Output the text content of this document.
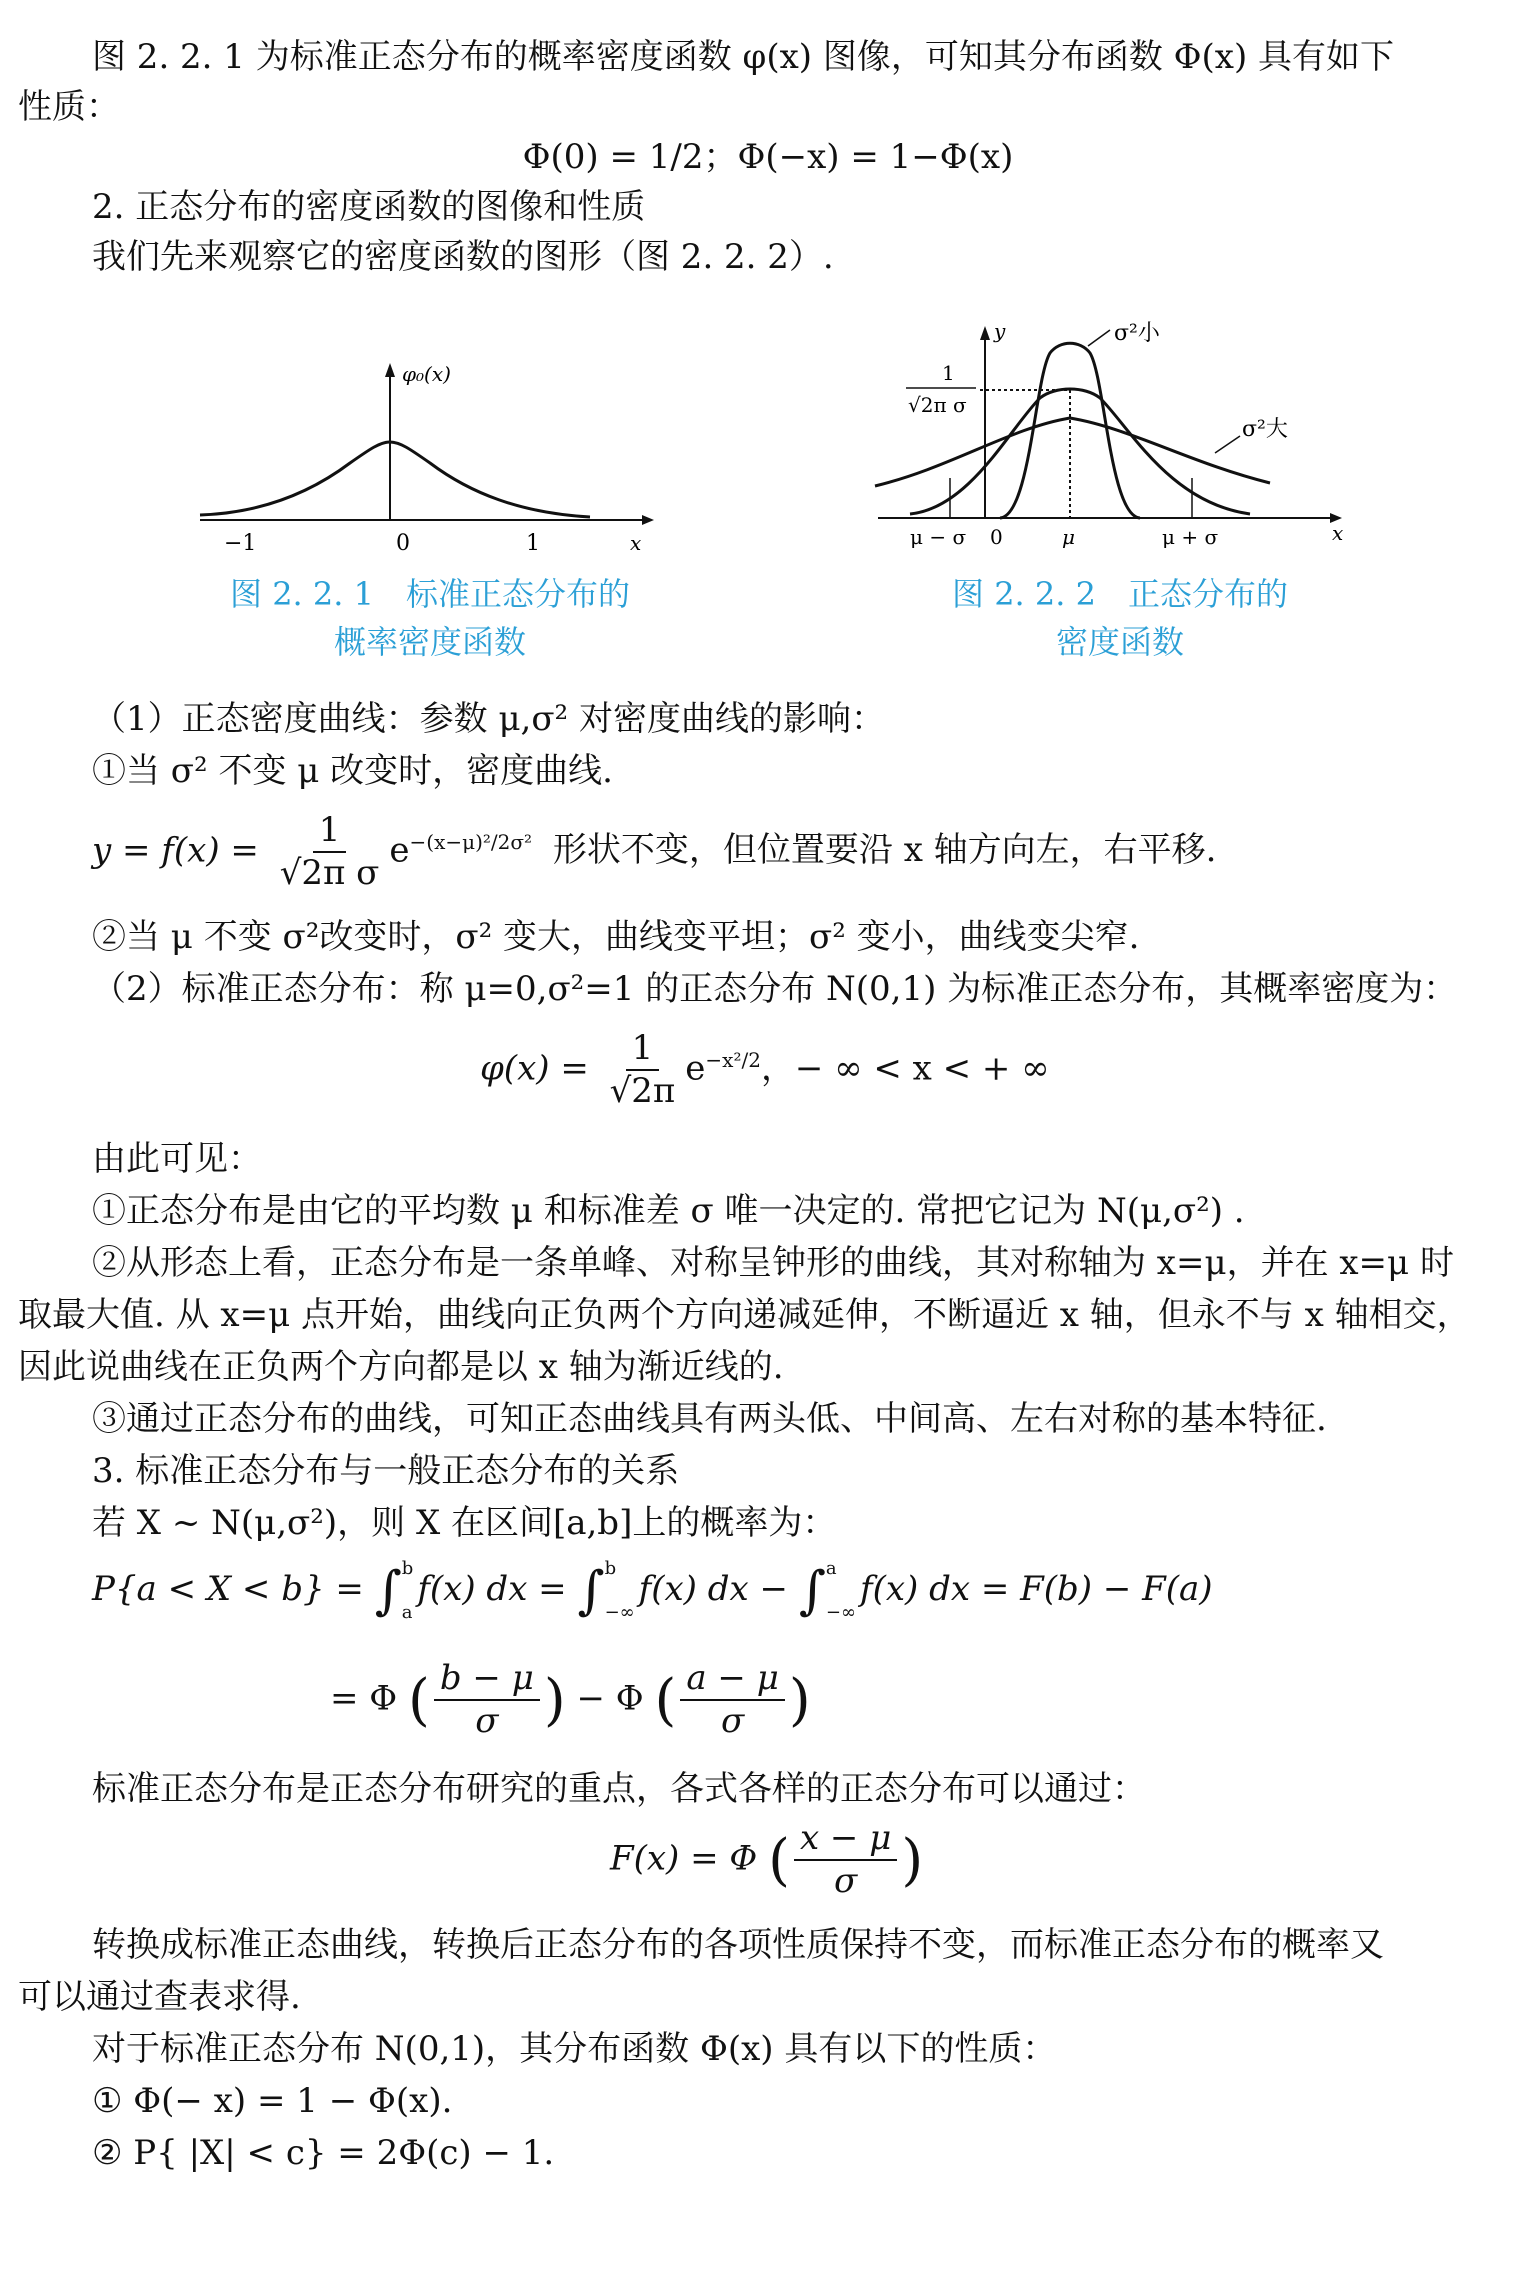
图 2. 2. 1 为标准正态分布的概率密度函数 φ(x) 图像，可知其分布函数 Φ(x) 具有如下
性质：
Φ(0) = 1/2；Φ(−x) = 1−Φ(x)
2. 正态分布的密度函数的图像和性质
我们先来观察它的密度函数的图形（图 2. 2. 2）.
φ₀(x)
x
−1	0	1
图 2. 2. 1　标准正态分布的
概率密度函数
y
x
σ²小
σ²大
1
√2π σ
μ − σ 0	μ	μ + σ
图 2. 2. 2　正态分布的
密度函数
（1）正态密度曲线：参数 μ,σ² 对密度曲线的影响：
①当 σ² 不变 μ 改变时，密度曲线.
$y = f(x) = \frac{1}{\text{√2π σ}} e^{-(x-\mu)^2/2\sigma^2}$ 形状不变，但位置要沿 x 轴方向左，右平移.
②当 μ 不变 σ²改变时，σ² 变大，曲线变平坦；σ² 变小，曲线变尖窄.
（2）标准正态分布：称 μ=0,σ²=1 的正态分布 N(0,1) 为标准正态分布，其概率密度为：
$\varphi(x) = \frac{1}{√2\pi} e^{-x^2/2}$，− ∞ < x < + ∞
由此可见：
①正态分布是由它的平均数 μ 和标准差 σ 唯一决定的. 常把它记为 N(μ,σ²) .
②从形态上看，正态分布是一条单峰、对称呈钟形的曲线，其对称轴为 x=μ，并在 x=μ 时
取最大值. 从 x=μ 点开始，曲线向正负两个方向递减延伸，不断逼近 x 轴，但永不与 x 轴相交，
因此说曲线在正负两个方向都是以 x 轴为渐近线的.
③通过正态分布的曲线，可知正态曲线具有两头低、中间高、左右对称的基本特征.
3. 标准正态分布与一般正态分布的关系
若 X ~ N(μ,σ²)，则 X 在区间[a,b]上的概率为：
P{a < X < b} = ∫ b
a
f(x) dx = ∫ b
−∞
f(x) dx − ∫ a
−∞
f(x) dx = F(b) − F(a)
= Φ ( $\frac{b - \mu}{\sigma}$ ) − Φ ( $\frac{a - \mu}{\sigma}$ )
标准正态分布是正态分布研究的重点，各式各样的正态分布可以通过：
F(x) = Φ ( $\frac{x - \mu}{\sigma}$ )
转换成标准正态曲线，转换后正态分布的各项性质保持不变，而标准正态分布的概率又
可以通过查表求得.
对于标准正态分布 N(0,1)，其分布函数 Φ(x) 具有以下的性质：
① Φ(− x) = 1 − Φ(x).
② P{ |X| < c} = 2Φ(c) − 1.
